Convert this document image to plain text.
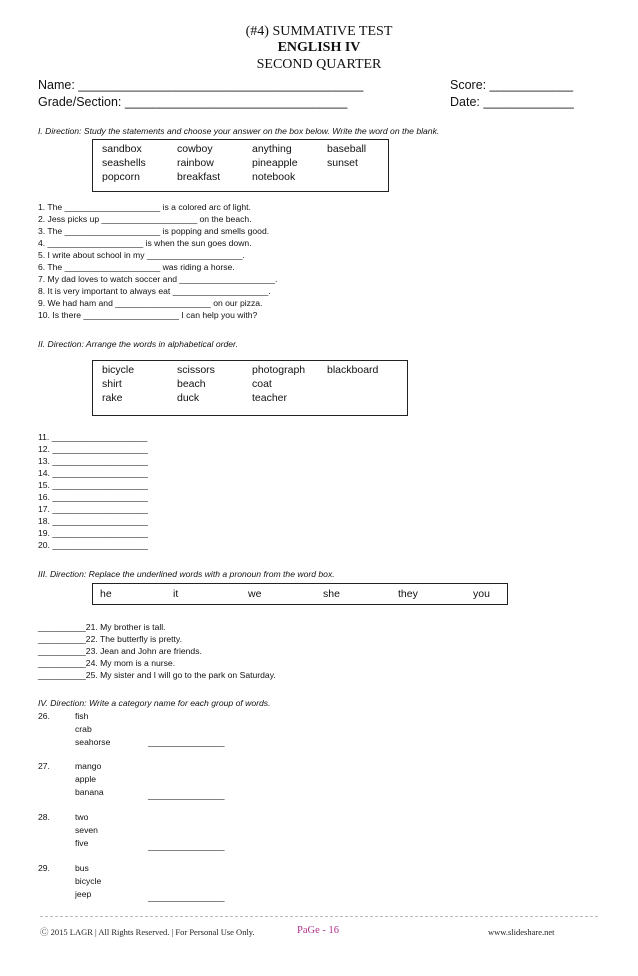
(#4) SUMMATIVE TEST
ENGLISH IV
SECOND QUARTER
Name: _________________________________________	Score: ____________
Grade/Section: ________________________________	Date: _____________
I. Direction: Study the statements and choose your answer on the box below. Write the word on the blank.
sandbox	cowboy	anything	baseball
seashells	rainbow	pineapple	sunset
popcorn	breakfast	notebook
1. The ____________________ is a colored arc of light.
2. Jess picks up ____________________ on the beach.
3. The ____________________ is popping and smells good.
4. ____________________ is when the sun goes down.
5. I write about school in my ____________________.
6. The ____________________ was riding a horse.
7. My dad loves to watch soccer and ____________________.
8. It is very important to always eat ____________________.
9. We had ham and ____________________ on our pizza.
10. Is there ____________________ I can help you with?
II. Direction: Arrange the words in alphabetical order.
bicycle	scissors	photograph blackboard
shirt	beach	coat
rake	duck	teacher
11. ____________________
12. ____________________
13. ____________________
14. ____________________
15. ____________________
16. ____________________
17. ____________________
18. ____________________
19. ____________________
20. ____________________
III. Direction: Replace the underlined words with a pronoun from the word box.
he	it	we	she	they	you
__________21. My brother is tall.
__________22. The butterfly is pretty.
__________23. Jean and John are friends.
__________24. My mom is a nurse.
__________25. My sister and I will go to the park on Saturday.
IV. Direction: Write a category name for each group of words.
26.	fish
crab
seahorse	________________
27.	mango
apple
banana	________________
28.	two
seven
five	________________
29.	bus
bicycle
jeep	________________
Ⓒ 2015 LAGR | All Rights Reserved. | For Personal Use Only.	PaGe - 16	www.slideshare.net
